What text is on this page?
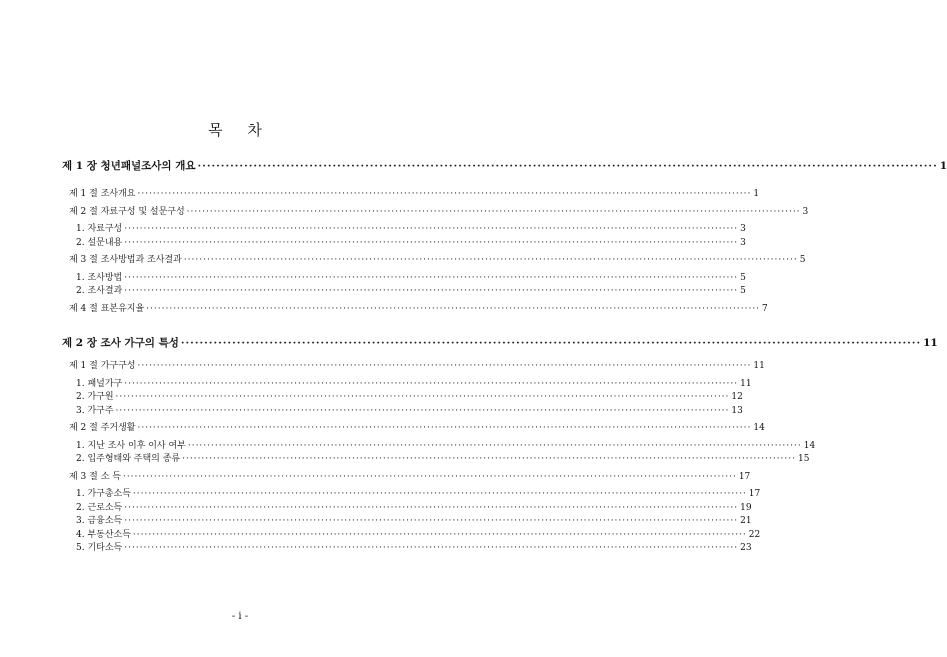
목 차
제 1 장 청년패널조사의 개요 ······························································································································································· 1
제 1 절 조사개요 ······························································································································································· 1
제 2 절 자료구성 및 설문구성 ······························································································································································· 3
1. 자료구성 ······························································································································································· 3
2. 설문내용 ······························································································································································· 3
제 3 절 조사방법과 조사결과 ······························································································································································· 5
1. 조사방법 ······························································································································································· 5
2. 조사결과 ······························································································································································· 5
제 4 절 표본유지율 ······························································································································································· 7
제 2 장 조사 가구의 특성 ······························································································································································· 11
제 1 절 가구구성 ······························································································································································· 11
1. 패널가구 ······························································································································································· 11
2. 가구원 ······························································································································································· 12
3. 가구주 ······························································································································································· 13
제 2 절 주거생활 ······························································································································································· 14
1. 지난 조사 이후 이사 여부 ······························································································································································· 14
2. 입주형태와 주택의 종류 ······························································································································································· 15
제 3 절 소 득 ······························································································································································· 17
1. 가구총소득 ······························································································································································· 17
2. 근로소득 ······························································································································································· 19
3. 금융소득 ······························································································································································· 21
4. 부동산소득 ······························································································································································· 22
5. 기타소득 ······························································································································································· 23
- i -
